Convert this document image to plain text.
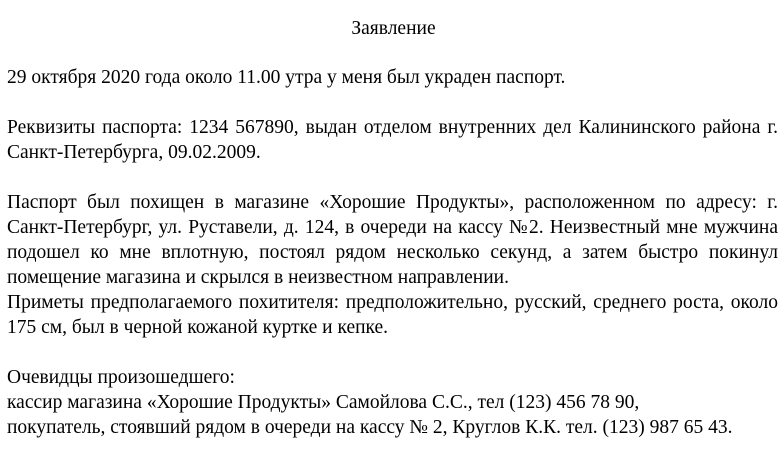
Заявление

29 октября 2020 года около 11.00 утра у меня был украден паспорт.

Реквизиты паспорта: 1234 567890, выдан отделом внутренних дел Калининского района г. Санкт-Петербурга, 09.02.2009.

Паспорт был похищен в магазине «Хорошие Продукты», расположенном по адресу: г. Санкт-Петербург, ул. Руставели, д. 124, в очереди на кассу №2. Неизвестный мне мужчина подошел ко мне вплотную, постоял рядом несколько секунд, а затем быстро покинул помещение магазина и скрылся в неизвестном направлении.

Приметы предполагаемого похитителя: предположительно, русский, среднего роста, около 175 см, был в черной кожаной куртке и кепке.

Очевидцы произошедшего:

кассир магазина «Хорошие Продукты» Самойлова С.С., тел (123) 456 78 90,

покупатель, стоявший рядом в очереди на кассу № 2, Круглов К.К. тел. (123) 987 65 43.
